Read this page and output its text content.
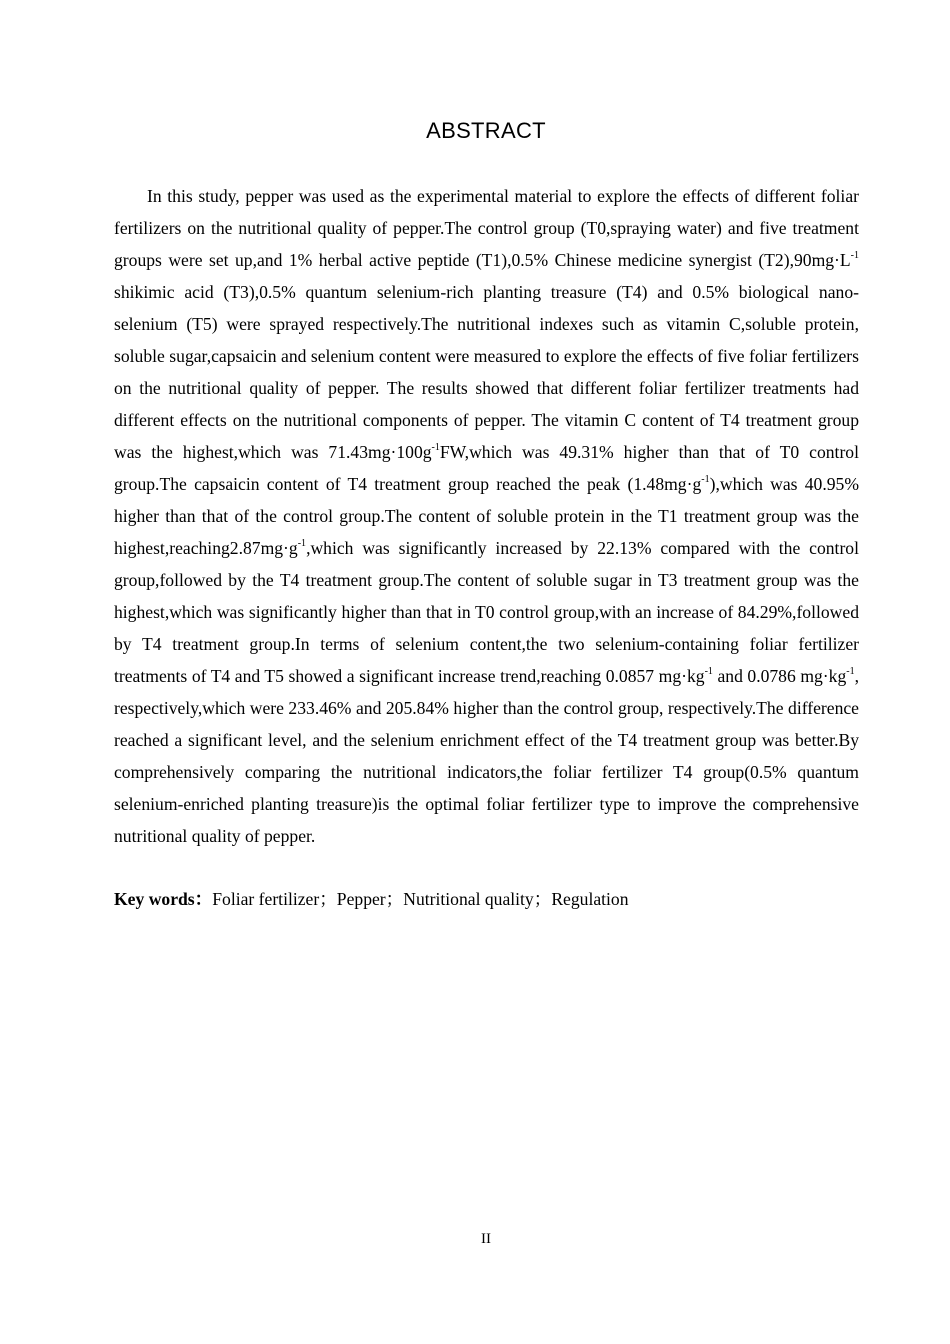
ABSTRACT

In this study, pepper was used as the experimental material to explore the effects of different foliar fertilizers on the nutritional quality of pepper.The control group (T0,spraying water) and five treatment groups were set up,and 1% herbal active peptide (T1),0.5% Chinese medicine synergist $(T2),90mg\cdot L^{-1}$ shikimic acid (T3),0.5% quantum selenium-rich planting treasure (T4) and 0.5% biological nano-selenium (T5) were sprayed respectively.The nutritional indexes such as vitamin C,soluble protein, soluble sugar,capsaicin and selenium content were measured to explore the effects of five foliar fertilizers on the nutritional quality of pepper. The results showed that different foliar fertilizer treatments had different effects on the nutritional components of pepper. The vitamin C content of T4 treatment group was the highest,which was $71.43mg\cdot 100g^{-1}FW,which$ was 49.31% higher than that of T0 control group.The capsaicin content of T4 treatment group reached the peak $(1.48mg\cdot g^{-1}),which$ was 40.95% higher than that of the control group.The content of soluble protein in the T1 treatment group was the $highest,reaching2.87mg\cdot g^{-1},which$ was significantly increased by 22.13% compared with the control group,followed by the T4 treatment group.The content of soluble sugar in T3 treatment group was the highest,which was significantly higher than that in T0 control group,with an increase of 84.29%,followed by T4 treatment group.In terms of selenium content,the two selenium-containing foliar fertilizer treatments of T4 and T5 showed a significant increase trend,reaching 0.0857 $mg\cdot kg^{-1}$ and 0.0786 $mg\cdot kg^{-1}$, respectively,which were 233.46% and 205.84% higher than the control group, respectively.The difference reached a significant level, and the selenium enrichment effect of the T4 treatment group was better.By comprehensively comparing the nutritional indicators,the foliar fertilizer T4 group(0.5% quantum selenium-enriched planting treasure)is the optimal foliar fertilizer type to improve the comprehensive nutritional quality of pepper.

Key words：Foliar fertilizer；Pepper；Nutritional quality；Regulation

II
